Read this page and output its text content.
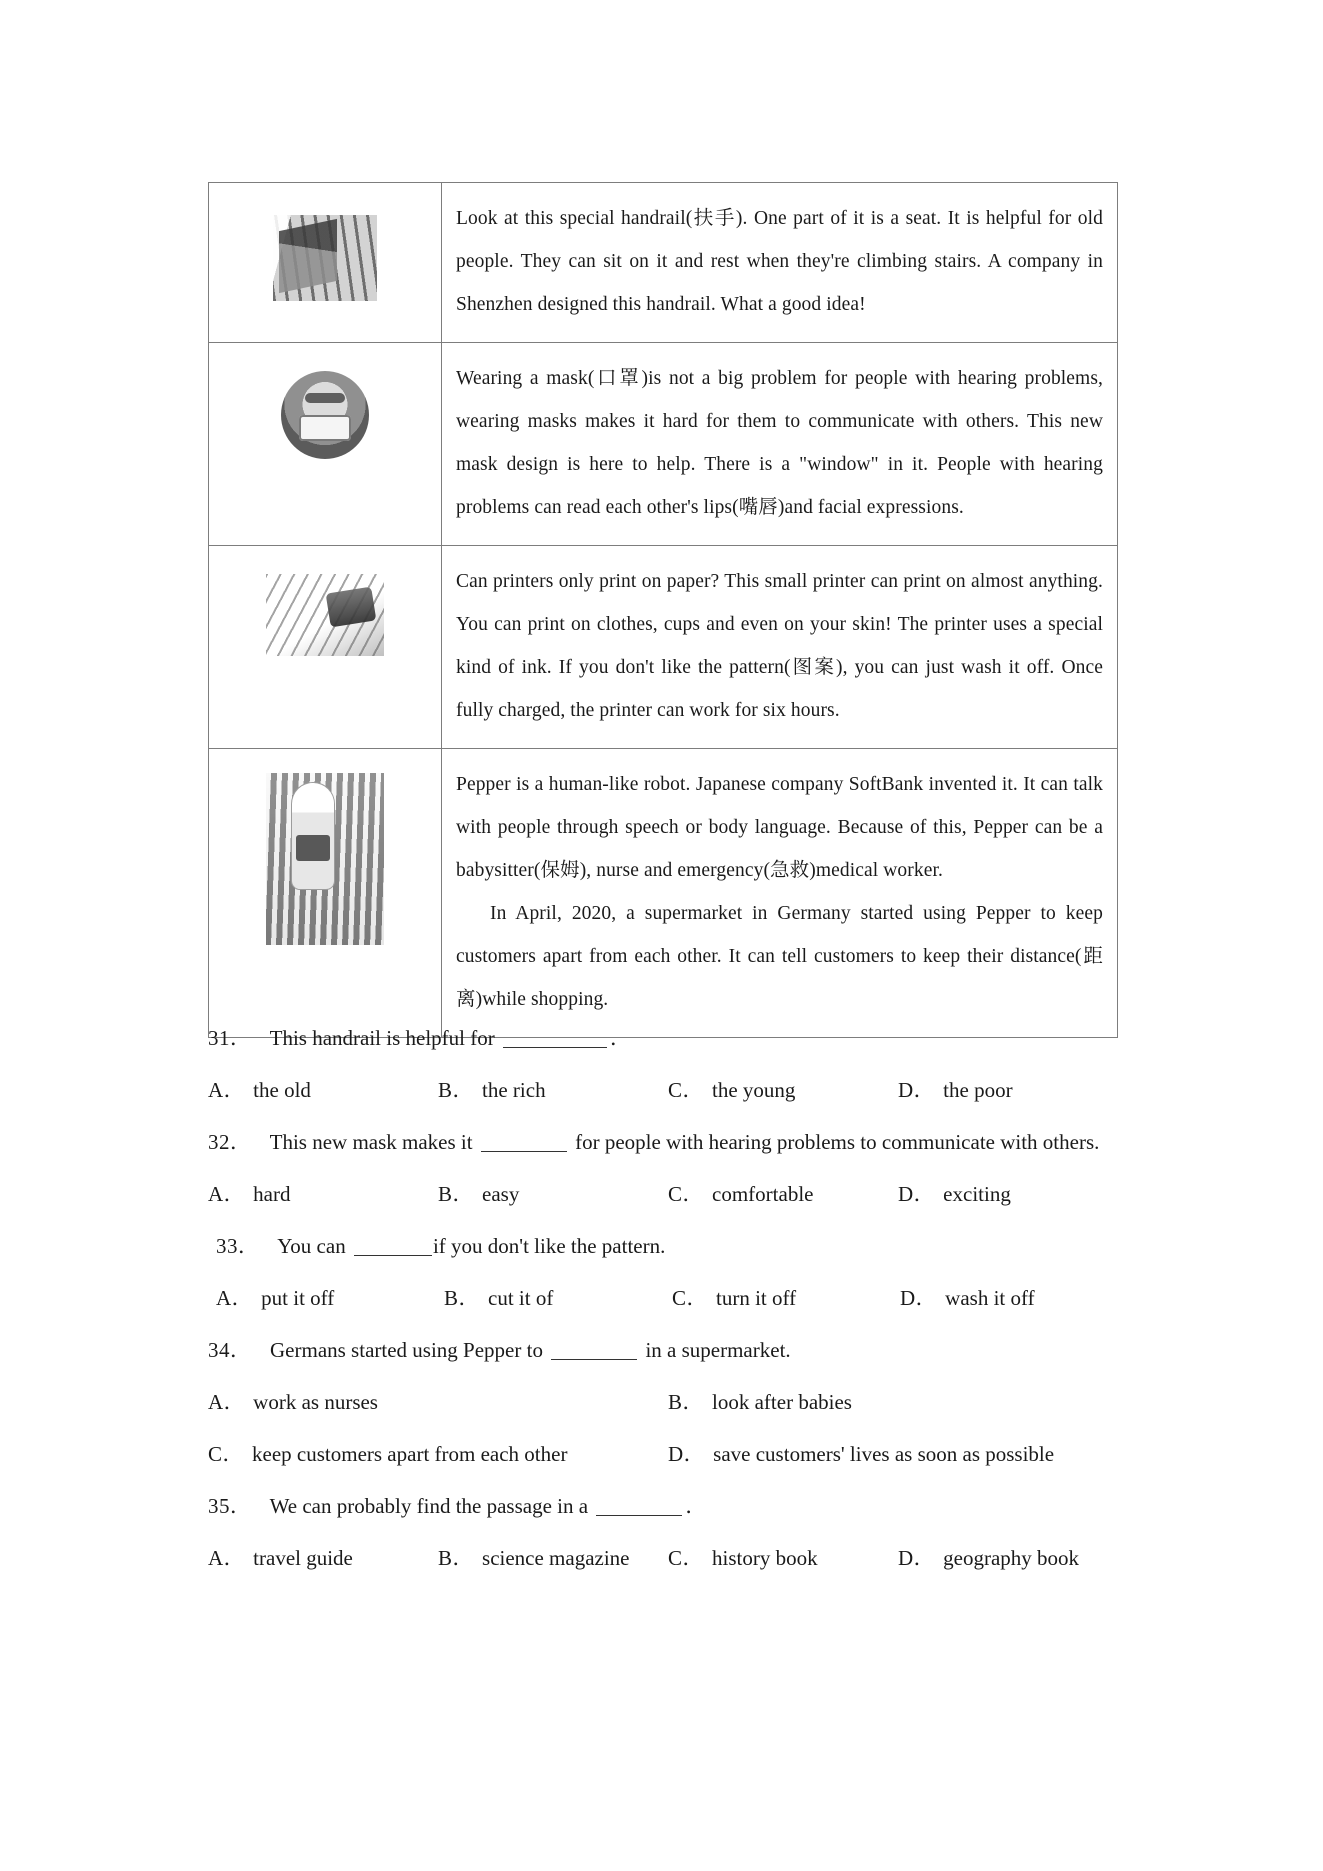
	Look at this special handrail(扶手). One part of it is a seat. It is helpful for old people. They can sit on it and rest when they're climbing stairs. A company in Shenzhen designed this handrail. What a good idea!

	Wearing a mask(口罩)is not a big problem for people with hearing problems, wearing masks makes it hard for them to communicate with others. This new mask design is here to help. There is a "window" in it. People with hearing problems can read each other's lips(嘴唇)and facial expressions.

	Can printers only print on paper? This small printer can print on almost anything. You can print on clothes, cups and even on your skin! The printer uses a special kind of ink. If you don't like the pattern(图案), you can just wash it off. Once fully charged, the printer can work for six hours.

	Pepper is a human-like robot. Japanese company SoftBank invented it. It can talk with people through speech or body language. Because of this, Pepper can be a babysitter(保姆), nurse and emergency(急救)medical worker.
In April, 2020, a supermarket in Germany started using Pepper to keep customers apart from each other. It can tell customers to keep their distance(距离)while shopping.
31． This handrail is helpful for	．
A． the old	B． the rich	C． the young	D． the poor
32． This new mask makes it	for people with hearing problems to communicate with others.
A． hard	B． easy	C． comfortable	D． exciting
33． You can	if you don't like the pattern.
A． put it off	B． cut it of	C． turn it off	D． wash it off
34． Germans started using Pepper to	in a supermarket.
A． work as nurses	B． look after babies
C． keep customers apart from each other	D． save customers' lives as soon as possible
35． We can probably find the passage in a	．
A． travel guide	B． science magazine	C． history book	D． geography book
